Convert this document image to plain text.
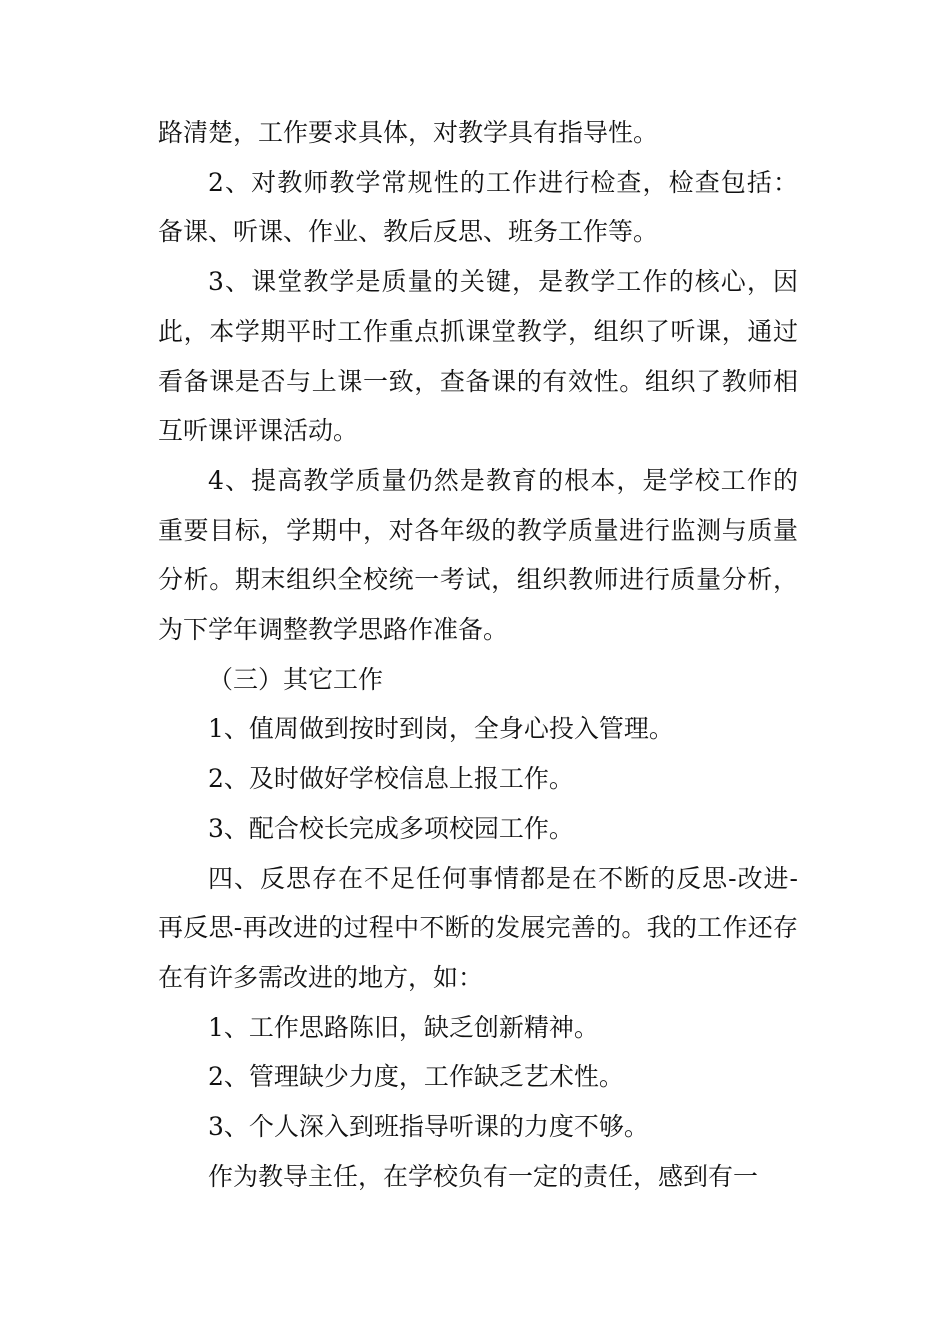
路清楚，工作要求具体，对教学具有指导性。

2、对教师教学常规性的工作进行检查，检查包括：备课、听课、作业、教后反思、班务工作等。

3、课堂教学是质量的关键，是教学工作的核心，因此，本学期平时工作重点抓课堂教学，组织了听课，通过看备课是否与上课一致，查备课的有效性。组织了教师相互听课评课活动。

4、提高教学质量仍然是教育的根本，是学校工作的重要目标，学期中，对各年级的教学质量进行监测与质量分析。期末组织全校统一考试，组织教师进行质量分析，为下学年调整教学思路作准备。

（三）其它工作

1、值周做到按时到岗，全身心投入管理。

2、及时做好学校信息上报工作。

3、配合校长完成多项校园工作。

四、反思存在不足任何事情都是在不断的反思-改进-再反思-再改进的过程中不断的发展完善的。我的工作还存在有许多需改进的地方，如：

1、工作思路陈旧，缺乏创新精神。

2、管理缺少力度，工作缺乏艺术性。

3、个人深入到班指导听课的力度不够。

作为教导主任，在学校负有一定的责任，感到有一
